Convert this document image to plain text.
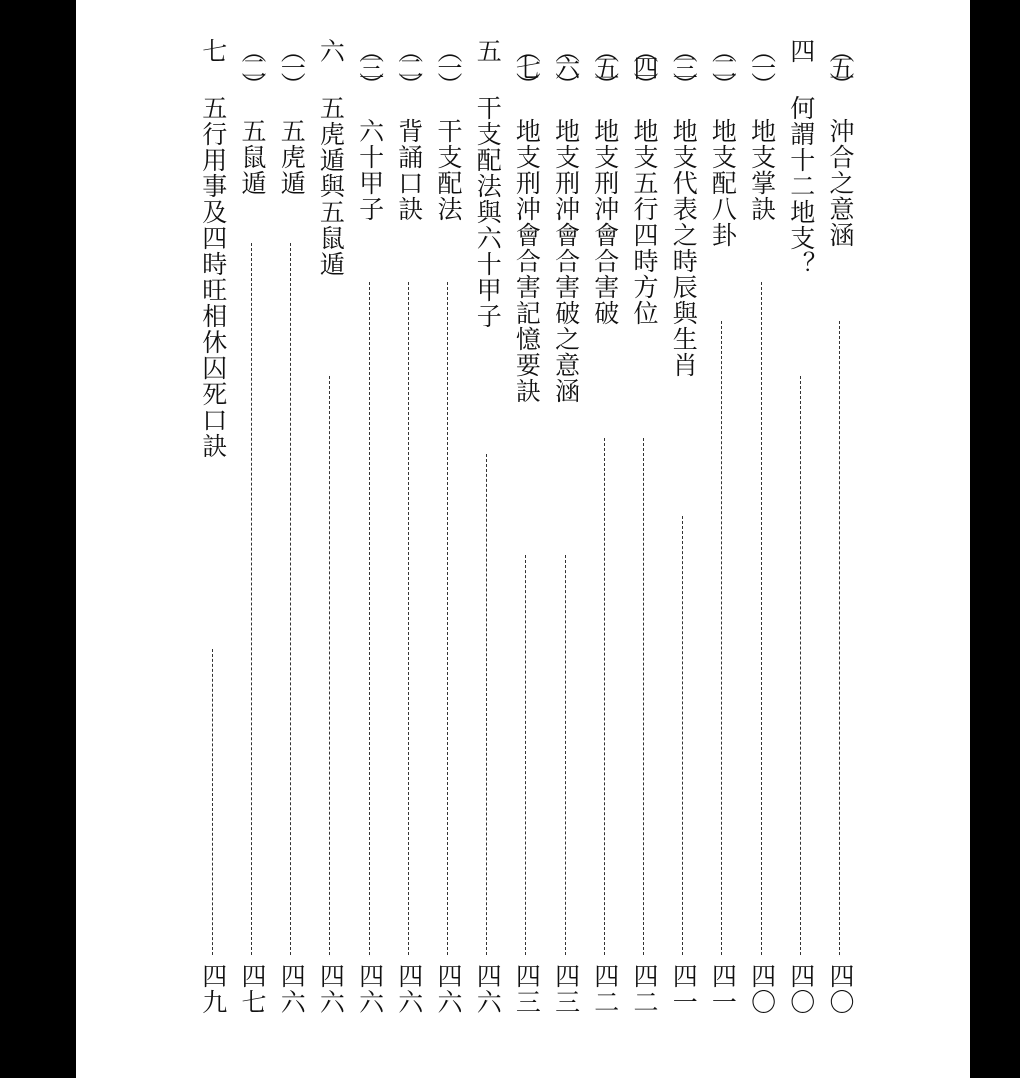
（五）
沖合之意涵
四〇
四
何謂十二地支？
四〇
（一）
地支掌訣
四〇
（二）
地支配八卦
四一
（三）
地支代表之時辰與生肖
四一
（四）
地支五行四時方位
四二
（五）
地支刑沖會合害破
四二
（六）
地支刑沖會合害破之意涵
四三
（七）
地支刑沖會合害記憶要訣
四三
五
干支配法與六十甲子
四六
（一）
干支配法
四六
（二）
背誦口訣
四六
（三）
六十甲子
四六
六
五虎遁與五鼠遁
四六
（一）
五虎遁
四六
（二）
五鼠遁
四七
七
五行用事及四時旺相休囚死口訣
四九
